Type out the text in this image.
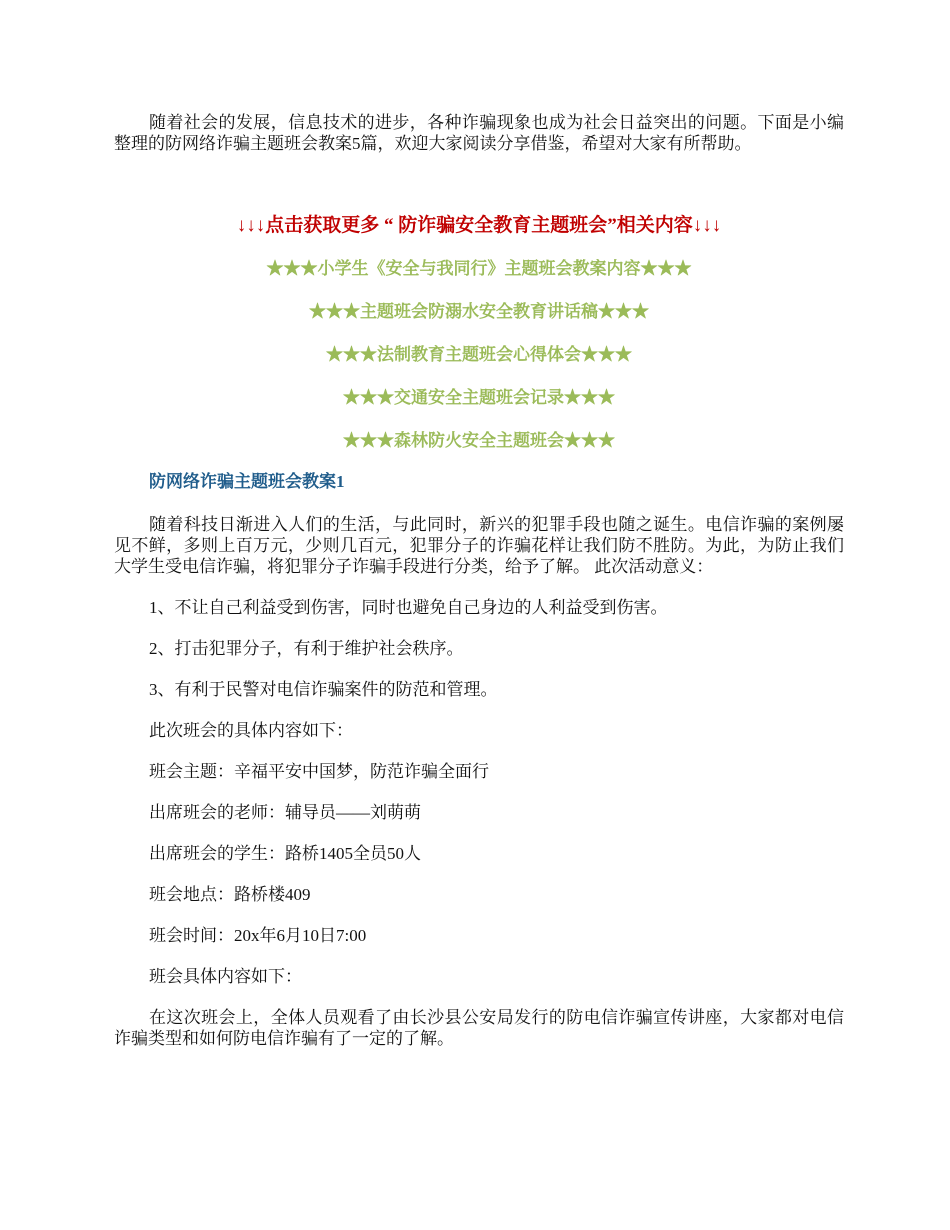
随着社会的发展，信息技术的进步，各种诈骗现象也成为社会日益突出的问题。下面是小编整理的防网络诈骗主题班会教案5篇，欢迎大家阅读分享借鉴，希望对大家有所帮助。

↓↓↓点击获取更多 “ 防诈骗安全教育主题班会”相关内容↓↓↓

★★★小学生《安全与我同行》主题班会教案内容★★★

★★★主题班会防溺水安全教育讲话稿★★★

★★★法制教育主题班会心得体会★★★

★★★交通安全主题班会记录★★★

★★★森林防火安全主题班会★★★

防网络诈骗主题班会教案1

随着科技日渐进入人们的生活，与此同时，新兴的犯罪手段也随之诞生。电信诈骗的案例屡见不鲜，多则上百万元，少则几百元，犯罪分子的诈骗花样让我们防不胜防。为此，为防止我们大学生受电信诈骗，将犯罪分子诈骗手段进行分类，给予了解。 此次活动意义：

1、不让自己利益受到伤害，同时也避免自己身边的人利益受到伤害。

2、打击犯罪分子，有利于维护社会秩序。

3、有利于民警对电信诈骗案件的防范和管理。

此次班会的具体内容如下：

班会主题：辛福平安中国梦，防范诈骗全面行

出席班会的老师：辅导员——刘萌萌

出席班会的学生：路桥1405全员50人

班会地点：路桥楼409

班会时间：20x年6月10日7:00

班会具体内容如下：

在这次班会上，全体人员观看了由长沙县公安局发行的防电信诈骗宣传讲座，大家都对电信诈骗类型和如何防电信诈骗有了一定的了解。
